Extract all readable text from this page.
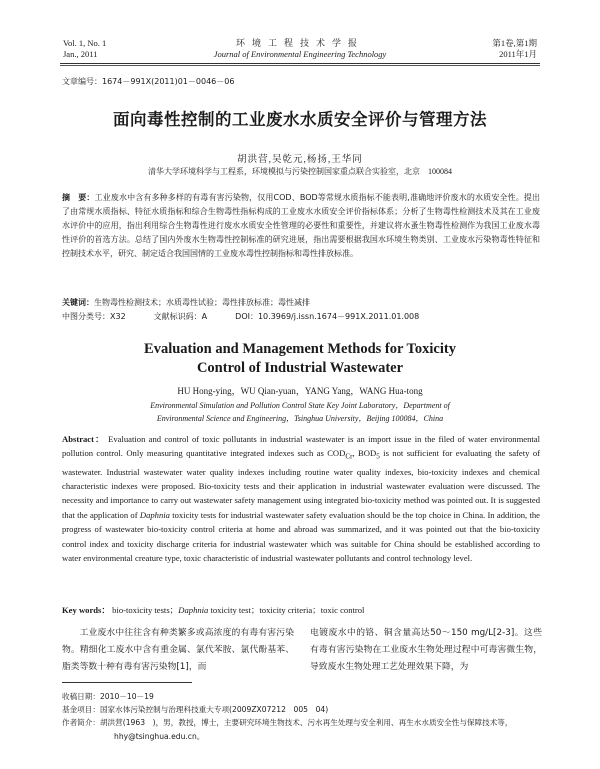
Vol. 1, No. 1
Jan., 2011
环境工程技术学报
Journal of Environmental Engineering Technology
第1卷,第1期
2011年1月
文章编号：1674－991X(2011)01－0046－06
面向毒性控制的工业废水水质安全评价与管理方法
胡洪营,吴乾元,杨扬,王华同
清华大学环境科学与工程系，环境模拟与污染控制国家重点联合实验室，北京　100084
摘　要：工业废水中含有多种多样的有毒有害污染物，仅用COD、BOD等常规水质指标不能表明,准确地评价废水的水质安全性。提出了由常规水质指标、特征水质指标和综合生物毒性指标构成的工业废水水质安全评价指标体系；分析了生物毒性检测技术及其在工业废水评价中的应用，指出利用综合生物毒性进行废水水质安全性管理的必要性和重要性，并建议将水蚤生物毒性检测作为我国工业废水毒性评价的首选方法。总结了国内外废水生物毒性控制标准的研究进展，指出需要根据我国水环境生物类别、工业废水污染物毒性特征和控制技术水平，研究、制定适合我国国情的工业废水毒性控制指标和毒性排放标准。
关键词：生物毒性检测技术；水质毒性试验；毒性排放标准；毒性减排
中图分类号：X32	文献标识码：A	DOI：10.3969/j.issn.1674－991X.2011.01.008
Evaluation and Management Methods for Toxicity
Control of Industrial Wastewater
HU Hong-ying，WU Qian-yuan，YANG Yang，WANG Hua-tong
Environmental Simulation and Pollution Control State Key Joint Laboratory，Department of
Environmental Science and Engineering，Tsinghua University，Beijing 100084，China
Abstract： Evaluation and control of toxic pollutants in industrial wastewater is an import issue in the filed of water environmental pollution control. Only measuring quantitative integrated indexes such as $COD_{Cr}$, $BOD_5$ is not sufficient for evaluating the safety of wastewater. Industrial wastewater water quality indexes including routine water quality indexes, bio-toxicity indexes and chemical characteristic indexes were proposed. Bio-toxicity tests and their application in industrial wastewater evaluation were discussed. The necessity and importance to carry out wastewater safety management using integrated bio-toxicity method was pointed out. It is suggested that the application of Daphnia toxicity tests for industrial wastewater safety evaluation should be the top choice in China. In addition, the progress of wastewater bio-toxicity control criteria at home and abroad was summarized, and it was pointed out that the bio-toxicity control index and toxicity discharge criteria for industrial wastewater which was suitable for China should be established according to water environmental creature type, toxic characteristic of industrial wastewater pollutants and control technology level.
Key words： bio-toxicity tests；Daphnia toxicity test；toxicity criteria；toxic control
工业废水中往往含有种类繁多或高浓度的有毒有害污染物。精细化工废水中含有重金属、氯代苯胺、氯代酚基苯、脂类等数十种有毒有害污染物[1]，而
电镀废水中的铬、铜含量高达50～150 mg/L[2-3]。这些有毒有害污染物在工业废水生物处理过程中可毒害微生物，导致废水生物处理工艺处理效果下降，为
收稿日期：2010－10－19
基金项目：国家水体污染控制与治理科技重大专项(2009ZX07212　005　04)
作者简介：胡洪营(1963　)，男，教授，博士，主要研究环境生物技术、污水再生处理与安全利用、再生水水质安全性与保障技术等，
hhy@tsinghua.edu.cn。
